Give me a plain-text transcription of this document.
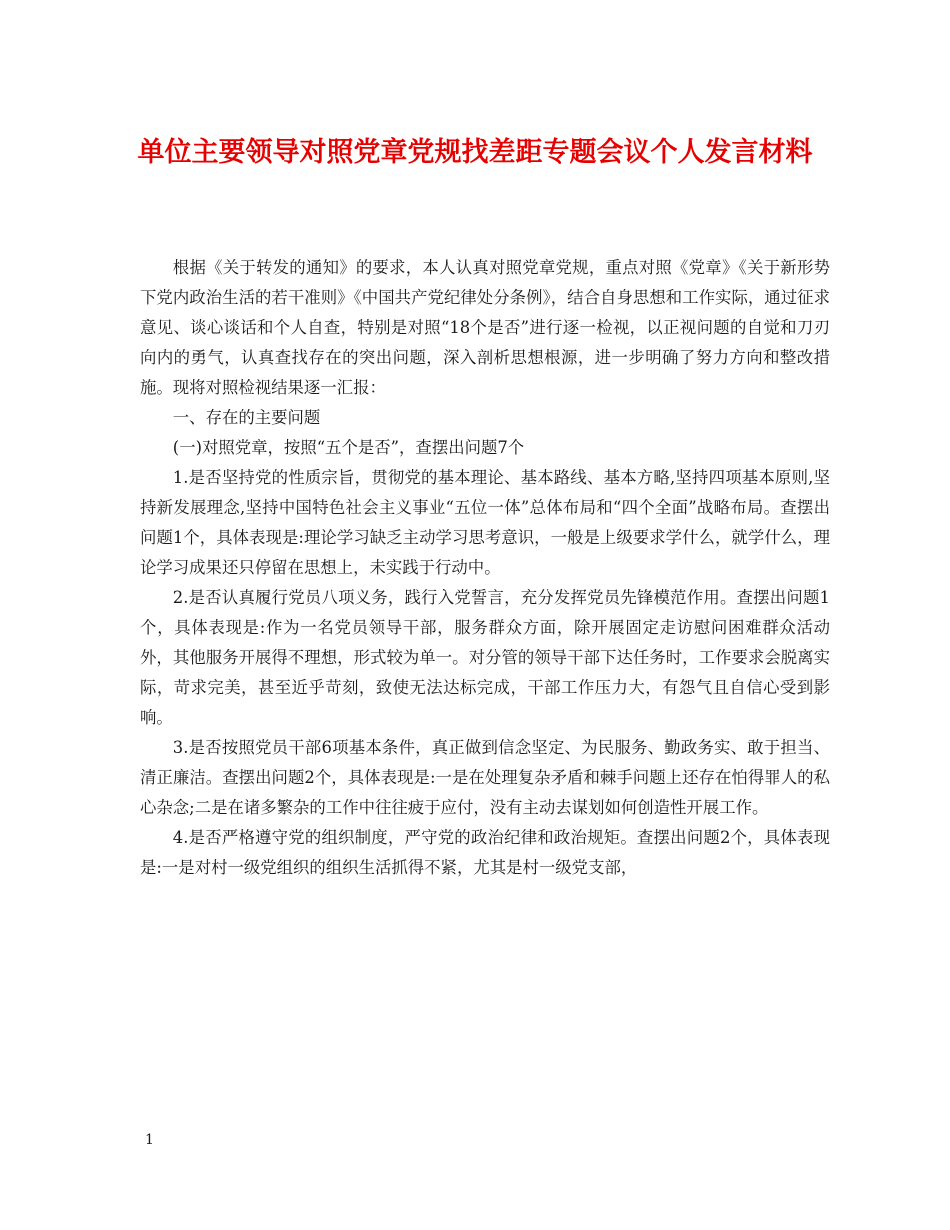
单位主要领导对照党章党规找差距专题会议个人发言材料

根据《关于转发的通知》的要求，本人认真对照党章党规，重点对照《党章》《关于新形势下党内政治生活的若干准则》《中国共产党纪律处分条例》，结合自身思想和工作实际，通过征求意见、谈心谈话和个人自查，特别是对照“18个是否”进行逐一检视，以正视问题的自觉和刀刃向内的勇气，认真查找存在的突出问题，深入剖析思想根源，进一步明确了努力方向和整改措施。现将对照检视结果逐一汇报：

一、存在的主要问题

(一)对照党章，按照“五个是否”，查摆出问题7个

1.是否坚持党的性质宗旨，贯彻党的基本理论、基本路线、基本方略,坚持四项基本原则,坚持新发展理念,坚持中国特色社会主义事业“五位一体”总体布局和“四个全面”战略布局。查摆出问题1个，具体表现是:理论学习缺乏主动学习思考意识，一般是上级要求学什么，就学什么，理论学习成果还只停留在思想上，未实践于行动中。

2.是否认真履行党员八项义务，践行入党誓言，充分发挥党员先锋模范作用。查摆出问题1个，具体表现是:作为一名党员领导干部，服务群众方面，除开展固定走访慰问困难群众活动外，其他服务开展得不理想，形式较为单一。对分管的领导干部下达任务时，工作要求会脱离实际，苛求完美，甚至近乎苛刻，致使无法达标完成，干部工作压力大，有怨气且自信心受到影响。

3.是否按照党员干部6项基本条件，真正做到信念坚定、为民服务、勤政务实、敢于担当、清正廉洁。查摆出问题2个，具体表现是:一是在处理复杂矛盾和棘手问题上还存在怕得罪人的私心杂念;二是在诸多繁杂的工作中往往疲于应付，没有主动去谋划如何创造性开展工作。

4.是否严格遵守党的组织制度，严守党的政治纪律和政治规矩。查摆出问题2个，具体表现是:一是对村一级党组织的组织生活抓得不紧，尤其是村一级党支部，

1
